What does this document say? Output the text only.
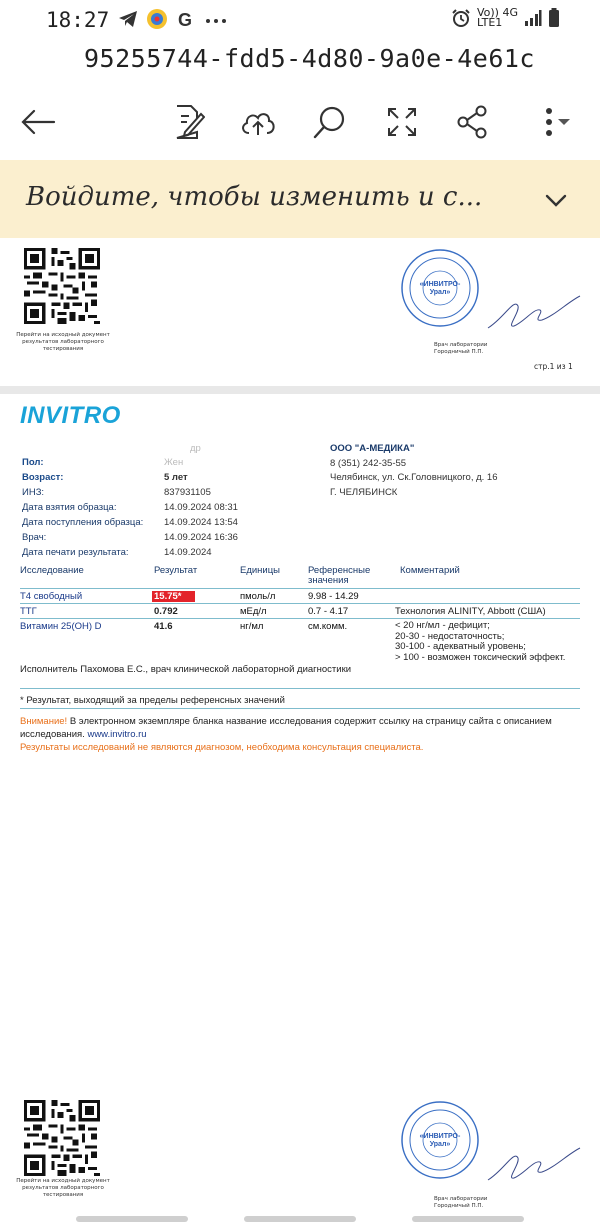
18:27	G	Vo)) 4G
LTE1
95255744-fdd5-4d80-9a0e-4e61c
Войдите, чтобы изменить и с...
Перейти на исходный документ результатов лабораторного тестирования
«ИНВИТРО-
Урал»
Врач лаборатории
Городничый П.П.
стр.1 из 1
INVITRO
др
Пол:	Жен
Возраст:	5 лет
ИНЗ:	837931105
Дата взятия образца:	14.09.2024 08:31
Дата поступления образца: 14.09.2024 13:54
Врач:	14.09.2024 16:36
Дата печати результата:	14.09.2024
ООО "А-МЕДИКА"
8 (351) 242-35-55
Челябинск, ул. Ск.Головницкого, д. 16
Г. ЧЕЛЯБИНСК
Исследование	Результат	Единицы	Референсные
значения
Комментарий
Т4 свободный	15.75*	пмоль/л	9.98 - 14.29
ТТГ	0.792	мЕд/л	0.7 - 4.17	Технология ALINITY, Abbott (США)
Витамин 25(OH) D	41.6	нг/мл	см.комм.	< 20 нг/мл - дефицит;
20-30 - недостаточность;
30-100 - адекватный уровень;
> 100 - возможен токсический эффект.
Исполнитель Пахомова Е.С., врач клинической лабораторной диагностики
* Результат, выходящий за пределы референсных значений
Внимание! В электронном экземпляре бланка название исследования содержит ссылку на страницу сайта с описанием исследования. www.invitro.ru
Результаты исследований не являются диагнозом, необходима консультация специалиста.
Перейти на исходный документ результатов лабораторного тестирования
«ИНВИТРО-
Урал»
Врач лаборатории
Городничый П.П.
